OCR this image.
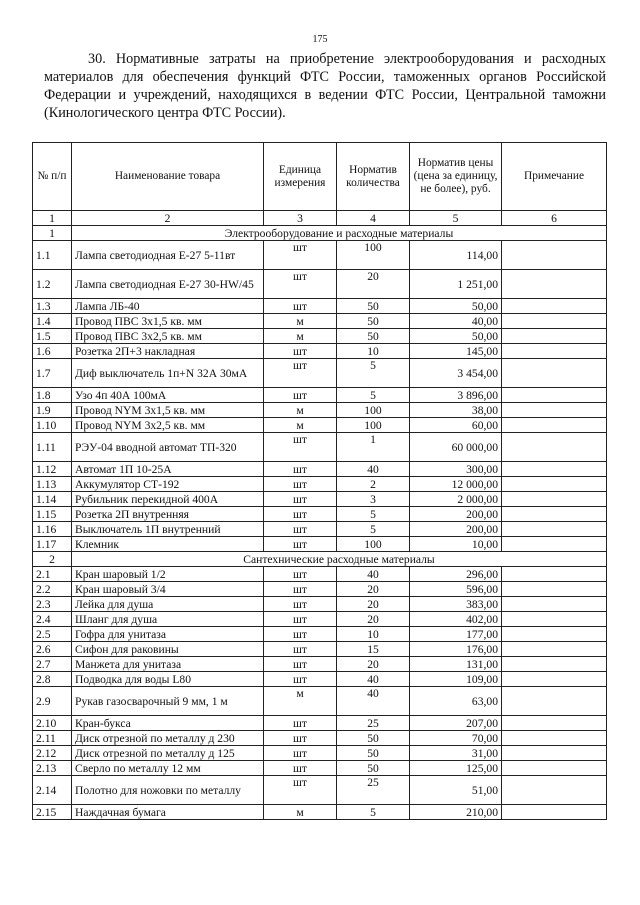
175

30. Нормативные затраты на приобретение электрооборудования и расходных материалов для обеспечения функций ФТС России, таможенных органов Российской Федерации и учреждений, находящихся в ведении ФТС России, Центральной таможни (Кинологического центра ФТС России).

№ п/п	Наименование товара	Единица измерения	Норматив количества	Норматив цены (цена за единицу, не более), руб.	Примечание
1	2	3	4	5	6
1	Электрооборудование и расходные материалы				
1.1	Лампа светодиодная Е-27 5-11вт	шт	100	114,00	
1.2	Лампа светодиодная Е-27 30-HW/45	шт	20	1 251,00	
1.3	Лампа ЛБ-40	шт	50	50,00	
1.4	Провод ПВС 3х1,5 кв. мм	м	50	40,00	
1.5	Провод ПВС 3х2,5 кв. мм	м	50	50,00	
1.6	Розетка 2П+3 накладная	шт	10	145,00	
1.7	Диф выключатель 1п+N 32А 30мА	шт	5	3 454,00	
1.8	Узо 4п 40А 100мА	шт	5	3 896,00	
1.9	Провод NYM 3х1,5 кв. мм	м	100	38,00	
1.10	Провод NYM 3х2,5 кв. мм	м	100	60,00	
1.11	РЭУ-04 вводной автомат ТП-320	шт	1	60 000,00	
1.12	Автомат 1П 10-25А	шт	40	300,00	
1.13	Аккумулятор СТ-192	шт	2	12 000,00	
1.14	Рубильник перекидной 400А	шт	3	2 000,00	
1.15	Розетка 2П внутренняя	шт	5	200,00	
1.16	Выключатель 1П внутренний	шт	5	200,00	
1.17	Клемник	шт	100	10,00	
2	Сантехнические расходные материалы				
2.1	Кран шаровый 1/2	шт	40	296,00	
2.2	Кран шаровый 3/4	шт	20	596,00	
2.3	Лейка для душа	шт	20	383,00	
2.4	Шланг для душа	шт	20	402,00	
2.5	Гофра для унитаза	шт	10	177,00	
2.6	Сифон для раковины	шт	15	176,00	
2.7	Манжета для унитаза	шт	20	131,00	
2.8	Подводка для воды L80	шт	40	109,00	
2.9	Рукав газосварочный 9 мм, 1 м	м	40	63,00	
2.10	Кран-букса	шт	25	207,00	
2.11	Диск отрезной по металлу д 230	шт	50	70,00	
2.12	Диск отрезной по металлу д 125	шт	50	31,00	
2.13	Сверло по металлу 12 мм	шт	50	125,00	
2.14	Полотно для ножовки по металлу	шт	25	51,00	
2.15	Наждачная бумага	м	5	210,00	
